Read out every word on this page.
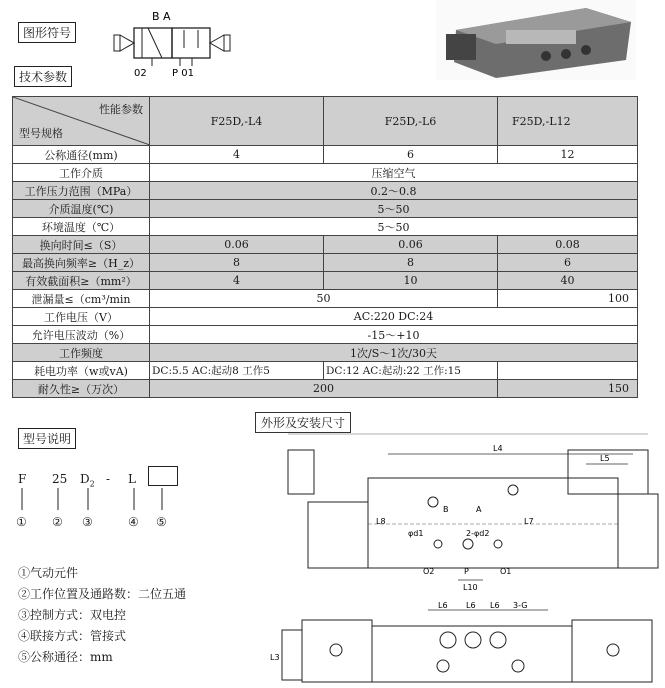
图形符号
B A
02	P 01
技术参数
性能参数
型号规格	F25D,-L4	F25D,-L6	F25D,-L12
公称通径(mm)	4	6	12
工作介质	压缩空气		
工作压力范围（MPa）	0.2～0.8		
介质温度(℃)	5～50		
环境温度（℃）	5～50		
换向时间≤（S）	0.06	0.06	0.08
最高换向频率≥（H_z）	8	8	6
有效截面积≥（mm²）	4	10	40
泄漏量≤（cm³/min	50		100
工作电压（V）	AC:220 DC:24		
允许电压波动（%）	-15～+10		
工作频度	1次/S～1次/30天		
耗电功率（w或vA)	DC:5.5 AC:起动8 工作5	DC:12 AC:起动:22 工作:15	
耐久性≥（万次）	200		150
外形及安装尺寸
型号说明
F 25 $D_2$ - L
① ② ③	④ ⑤
①气动元件
②工作位置及通路数：二位五通
③控制方式：双电控
④联接方式：管接式
⑤公称通径：mm
L4
L5
B	A
P	O1
O2
φd1	2-φd2
L8	L7
L10
L6 L6 L6 3-G
L3
